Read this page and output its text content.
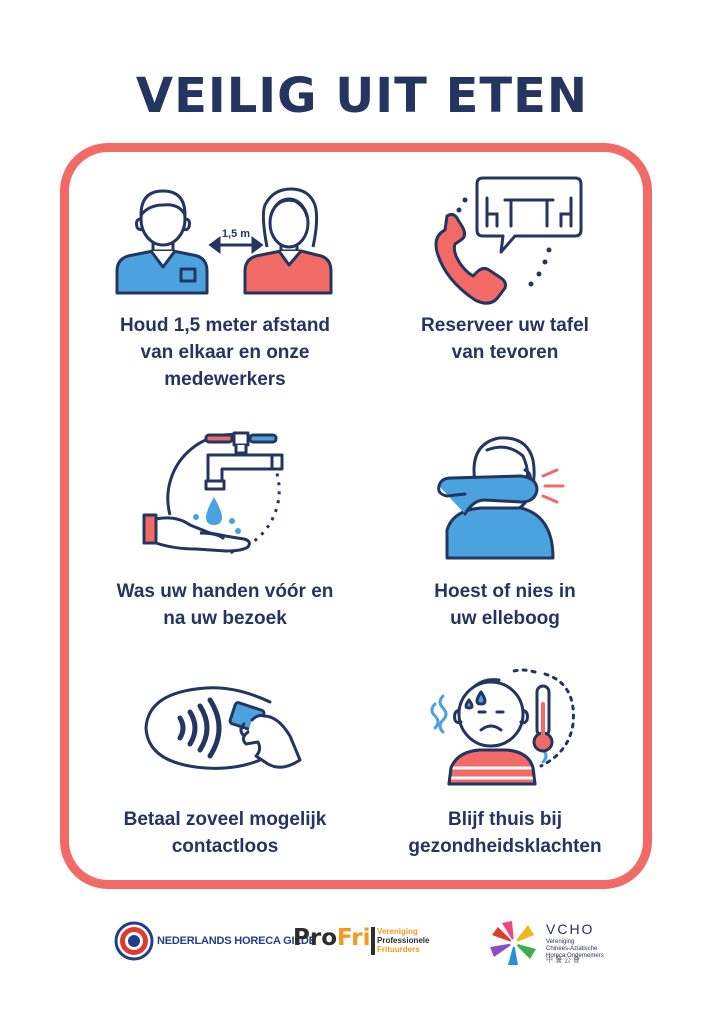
VEILIG UIT ETEN
1,5 m

Houd 1,5 meter afstand
van elkaar en onze
medewerkers

Reserveer uw tafel
van tevoren

Was uw handen vóór en
na uw bezoek

Hoest of nies in
uw elleboog

Betaal zoveel mogelijk
contactloos

Blijf thuis bij
gezondheidsklachten

NEDERLANDS HORECA GILDE
ProFri Vereniging
Professionele
Frituurders
VCHO
Vereniging
Chinees-Aziatische
Horeca Ondernemers
中 餐 公 會
